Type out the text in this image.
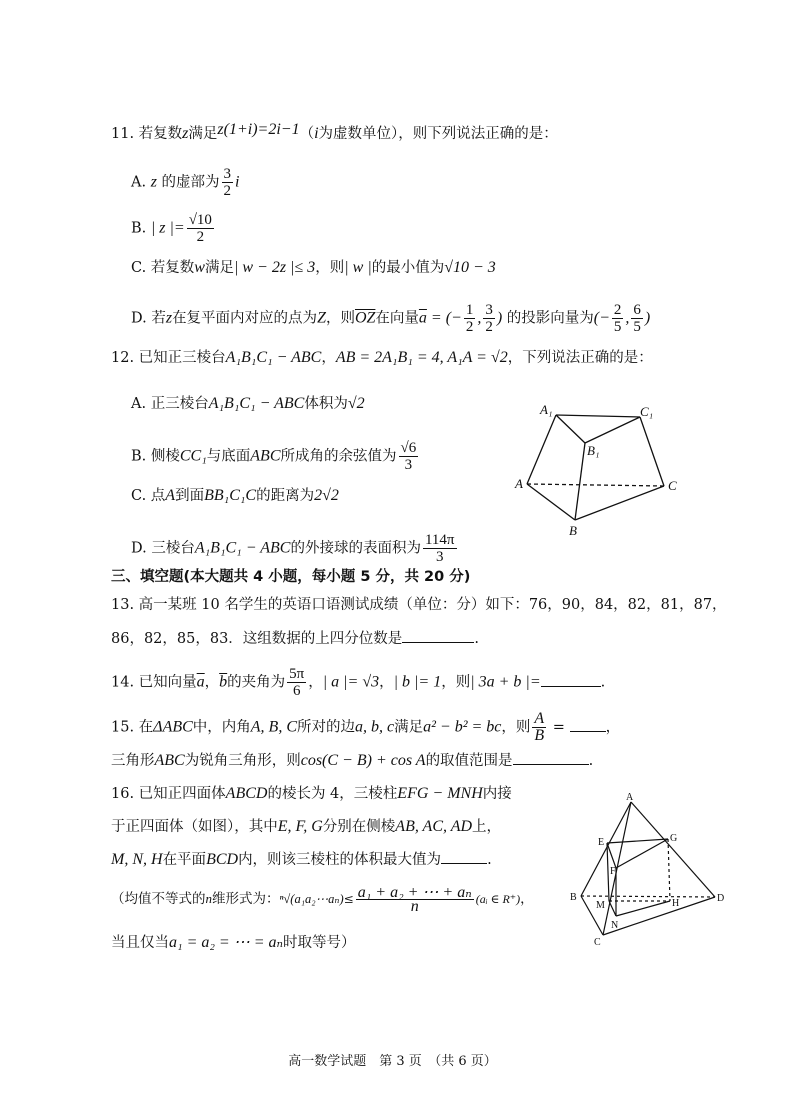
11. 若复数z满足z(1+i)=2i−1（i为虚数单位），则下列说法正确的是：
A. z 的虚部为 $\frac{3}{2}$ i
B. | z |= $\frac{√10}{2}$
C. 若复数w满足| w − 2z |≤ 3，则| w |的最小值为√10 − 3
D. 若z在复平面内对应的点为Z，则$\overline{OZ}$在向量$\overline{a}$ = (− $\frac{1}{2}$ , $\frac{3}{2}$ ) 的投影向量为(− $\frac{2}{5}$ , $\frac{6}{5}$ )
12. 已知正三棱台A₁B₁C₁ − ABC，AB = 2A₁B₁ = 4, A₁A = √2，下列说法正确的是：
A. 正三棱台A₁B₁C₁ − ABC体积为√2
B. 侧棱CC₁与底面ABC所成角的余弦值为 $\frac{√6}{3}$
C. 点A到面BB₁C₁C的距离为2√2
D. 三棱台A₁B₁C₁ − ABC的外接球的表面积为 $\frac{114\pi}{3}$
A₁	C₁
B₁
A	C
B
三、填空题(本大题共 4 小题，每小题 5 分，共 20 分)
13. 高一某班 10 名学生的英语口语测试成绩（单位：分）如下：76，90，84，82，81，87，
86，82，85，83．这组数据的上四分位数是	.
14. 已知向量$\overline{a}$，$\overline{b}$的夹角为 $\frac{5\pi}{6}$ ，| a |= √3，| b |= 1，则| 3a + b |=	.
15. 在ΔABC中，内角A, B, C所对的边a, b, c满足a² − b² = bc，则 $\frac{A}{B}$ = ，
三角形ABC为锐角三角形，则cos(C − B) + cos A的取值范围是	.
16. 已知正四面体ABCD的棱长为 4，三棱柱EFG − MNH内接
于正四面体（如图），其中E, F, G分别在侧棱AB, AC, AD上，
M, N, H在平面BCD内，则该三棱柱的体积最大值为	.
（均值不等式的n维形式为：ⁿ√(a₁a₂⋯aₙ)≤ $\frac{\text{a₁ + a₂ + ⋯ + aₙ}}{n}$ (aᵢ ∈ R⁺)，
当且仅当a₁ = a₂ = ⋯ = aₙ时取等号）
A
B
C
D
E
F
G
M
N
H
高一数学试题　第 3 页　（共 6 页）
